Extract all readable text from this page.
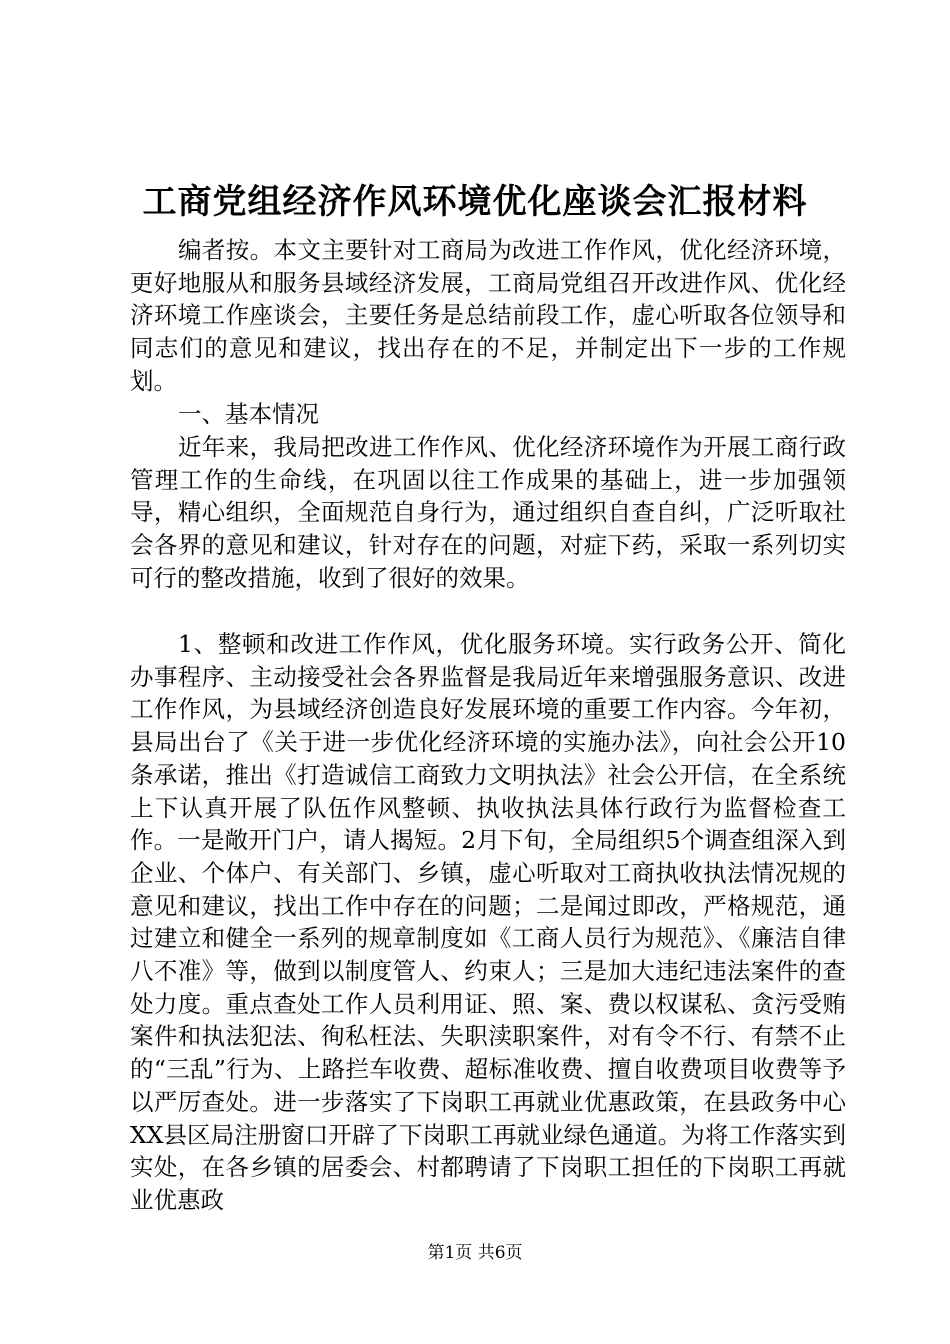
工商党组经济作风环境优化座谈会汇报材料

编者按。本文主要针对工商局为改进工作作风，优化经济环境，更好地服从和服务县域经济发展，工商局党组召开改进作风、优化经济环境工作座谈会，主要任务是总结前段工作，虚心听取各位领导和同志们的意见和建议，找出存在的不足，并制定出下一步的工作规划。

一、基本情况

近年来，我局把改进工作作风、优化经济环境作为开展工商行政管理工作的生命线，在巩固以往工作成果的基础上，进一步加强领导，精心组织，全面规范自身行为，通过组织自查自纠，广泛听取社会各界的意见和建议，针对存在的问题，对症下药，采取一系列切实可行的整改措施，收到了很好的效果。

1、整顿和改进工作作风，优化服务环境。实行政务公开、简化办事程序、主动接受社会各界监督是我局近年来增强服务意识、改进工作作风，为县域经济创造良好发展环境的重要工作内容。今年初，县局出台了《关于进一步优化经济环境的实施办法》，向社会公开10条承诺，推出《打造诚信工商致力文明执法》社会公开信，在全系统上下认真开展了队伍作风整顿、执收执法具体行政行为监督检查工作。一是敞开门户，请人揭短。2月下旬，全局组织5个调查组深入到企业、个体户、有关部门、乡镇，虚心听取对工商执收执法情况规的意见和建议，找出工作中存在的问题；二是闻过即改，严格规范，通过建立和健全一系列的规章制度如《工商人员行为规范》、《廉洁自律八不准》等，做到以制度管人、约束人；三是加大违纪违法案件的查处力度。重点查处工作人员利用证、照、案、费以权谋私、贪污受贿案件和执法犯法、徇私枉法、失职渎职案件，对有令不行、有禁不止的“三乱”行为、上路拦车收费、超标准收费、擅自收费项目收费等予以严厉查处。进一步落实了下岗职工再就业优惠政策，在县政务中心XX县区局注册窗口开辟了下岗职工再就业绿色通道。为将工作落实到实处，在各乡镇的居委会、村都聘请了下岗职工担任的下岗职工再就业优惠政

第1页 共6页
